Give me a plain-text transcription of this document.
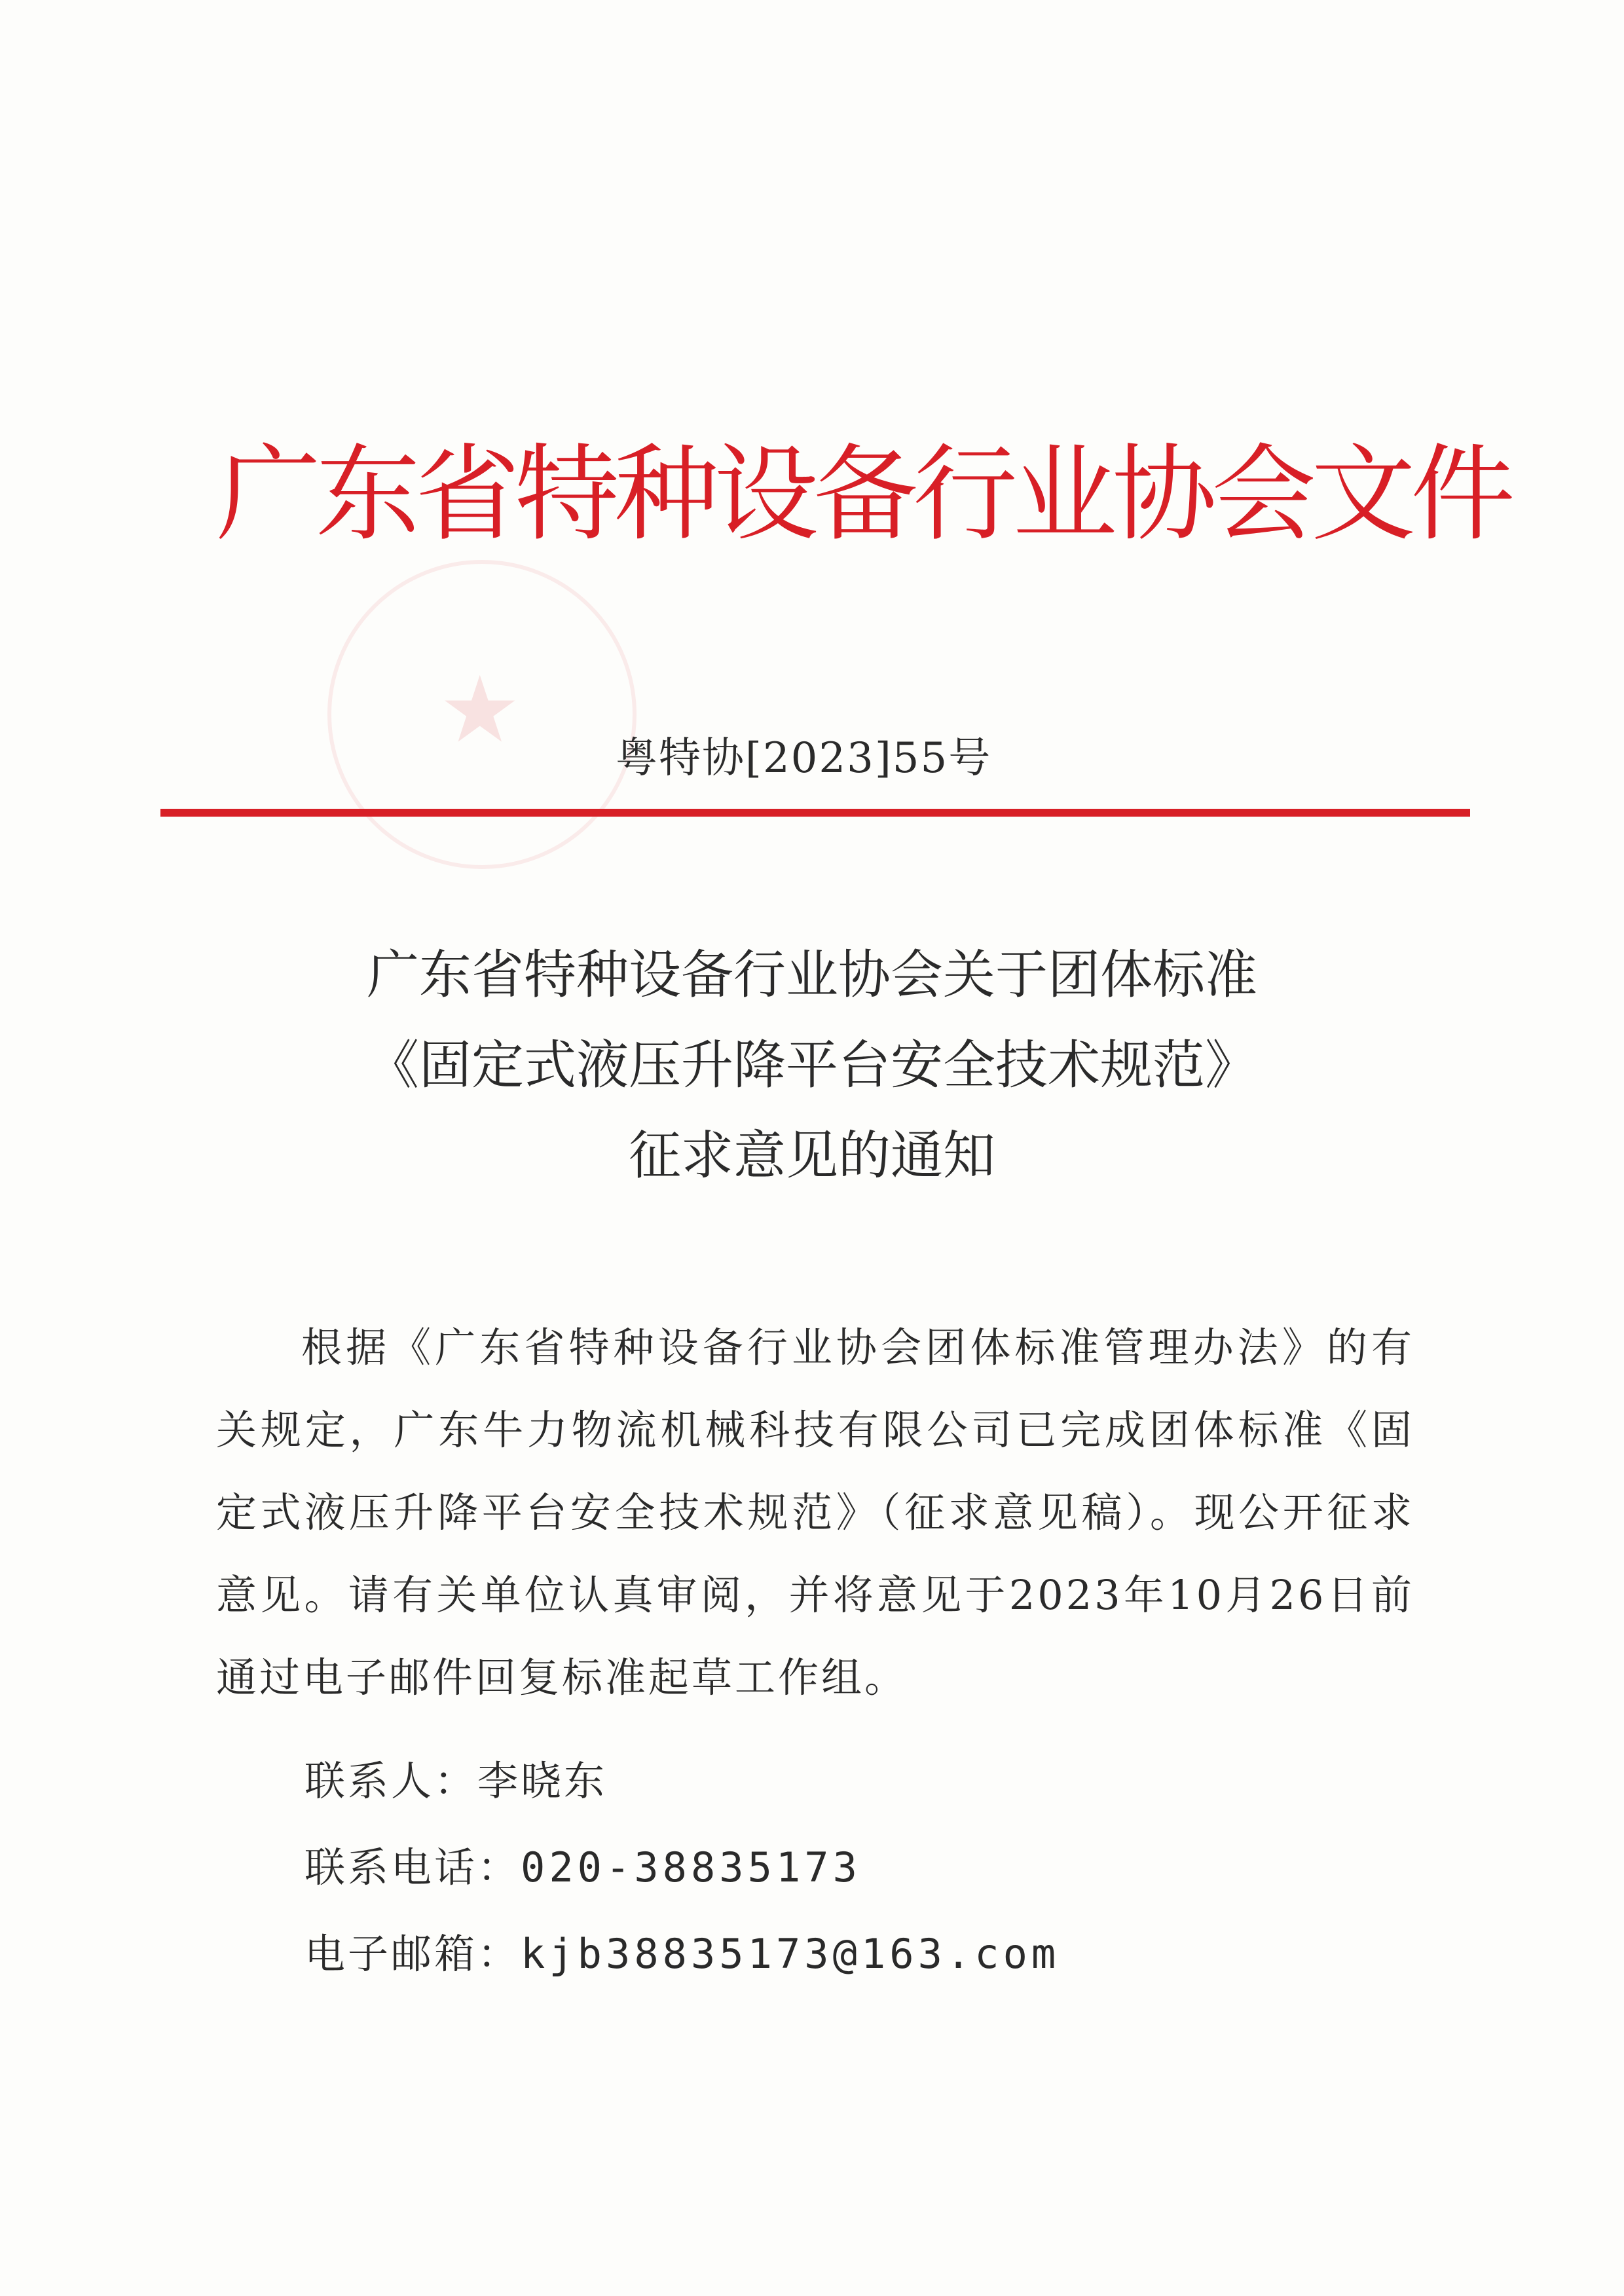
★
广东省特种设备行业协会文件
粤特协[2023]55号
广东省特种设备行业协会关于团体标准
《固定式液压升降平台安全技术规范》
征求意见的通知
根据《广东省特种设备行业协会团体标准管理办法》的有关规定，广东牛力物流机械科技有限公司已完成团体标准《固定式液压升降平台安全技术规范》（征求意见稿）。现公开征求意见。请有关单位认真审阅，并将意见于2023年10月26日前通过电子邮件回复标准起草工作组。
联系人：李晓东
联系电话：020-38835173
电子邮箱：kjb38835173@163.com
